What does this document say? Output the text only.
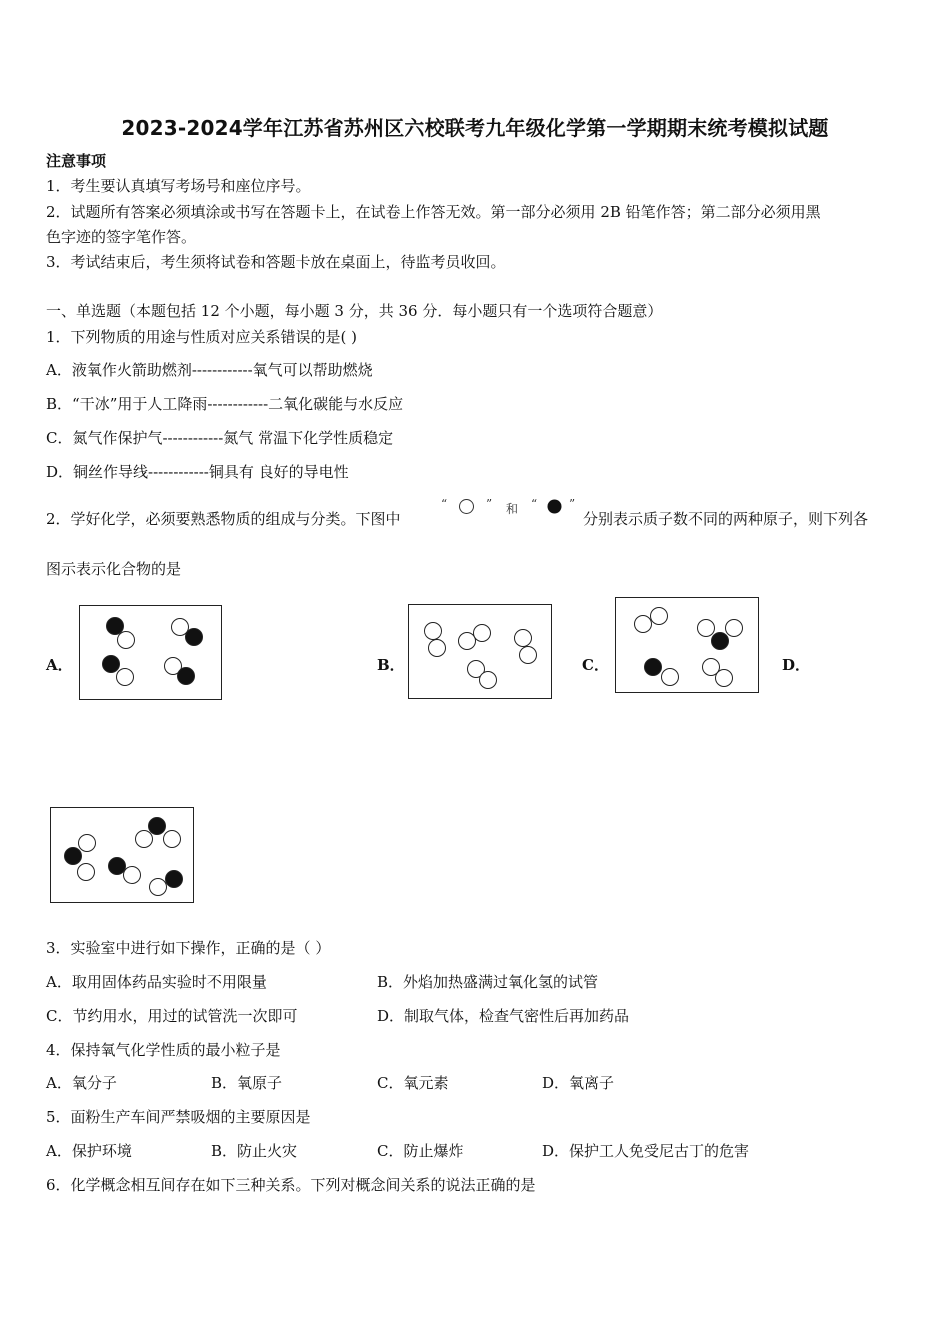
2023-2024学年江苏省苏州区六校联考九年级化学第一学期期末统考模拟试题
注意事项
1．考生要认真填写考场号和座位序号。
2．试题所有答案必须填涂或书写在答题卡上，在试卷上作答无效。第一部分必须用 2B 铅笔作答；第二部分必须用黑
色字迹的签字笔作答。
3．考试结束后，考生须将试卷和答题卡放在桌面上，待监考员收回。
一、单选题（本题包括 12 个小题，每小题 3 分，共 36 分．每小题只有一个选项符合题意）
1．下列物质的用途与性质对应关系错误的是( )
A．液氧作火箭助燃剂------------氧气可以帮助燃烧
B．“干冰”用于人工降雨------------二氧化碳能与水反应
C．氮气作保护气------------氮气 常温下化学性质稳定
D．铜丝作导线------------铜具有 良好的导电性
2．学好化学，必须要熟悉物质的组成与分类。下图中
“	” 和 “	”
分别表示质子数不同的两种原子，则下列各
图示表示化合物的是
A．	B．	C．	D．
3．实验室中进行如下操作，正确的是（ ）
A．取用固体药品实验时不用限量	B．外焰加热盛满过氧化氢的试管
C．节约用水，用过的试管洗一次即可	D．制取气体，检查气密性后再加药品
4．保持氧气化学性质的最小粒子是
A．氧分子	B．氧原子	C．氧元素	D．氧离子
5．面粉生产车间严禁吸烟的主要原因是
A．保护环境	B．防止火灾	C．防止爆炸	D．保护工人免受尼古丁的危害
6．化学概念相互间存在如下三种关系。下列对概念间关系的说法正确的是
